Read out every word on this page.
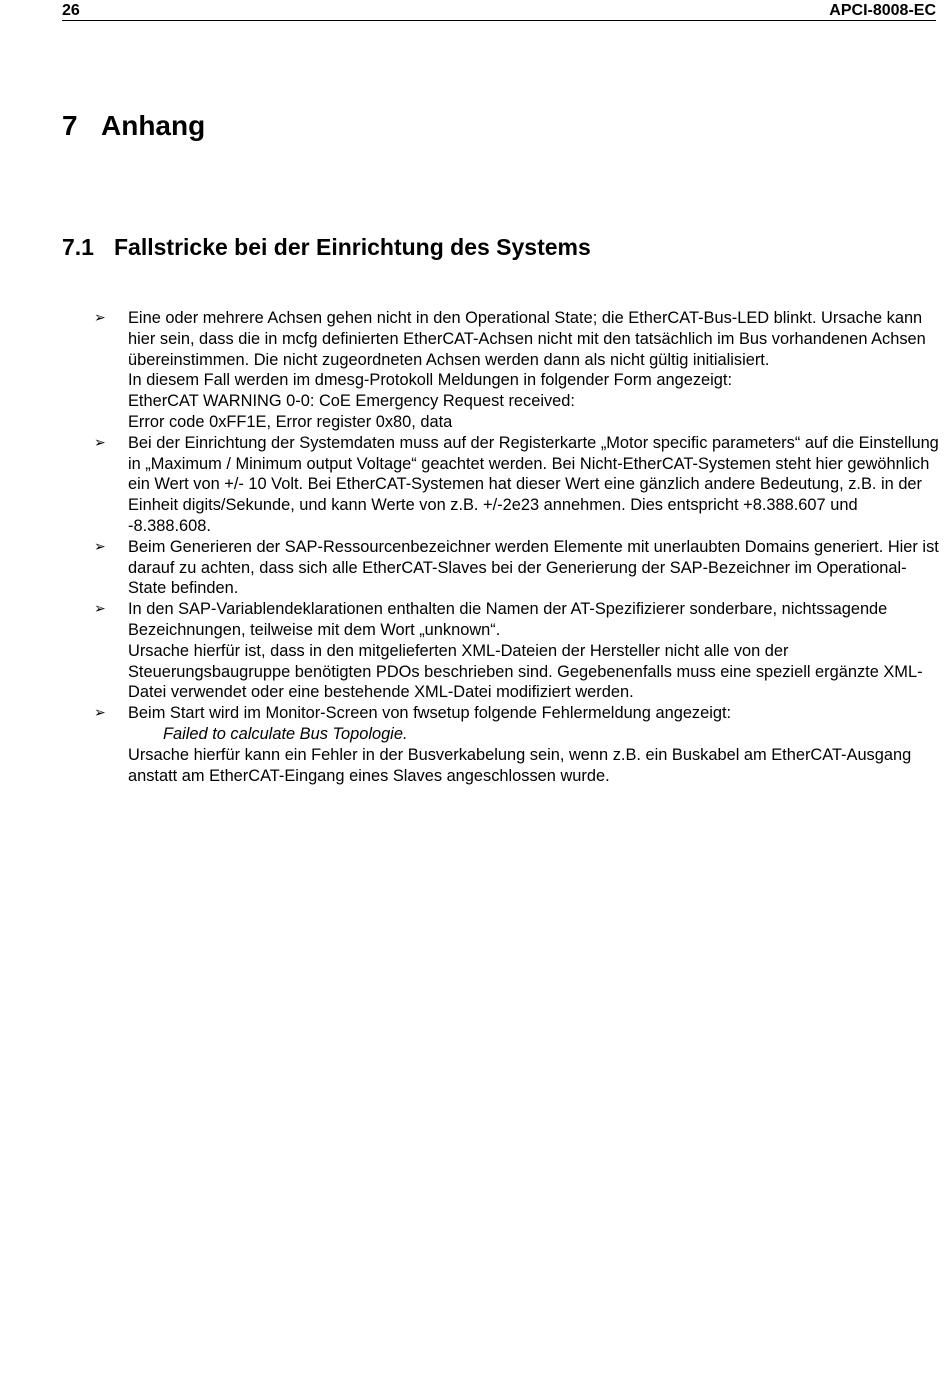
26	APCI-8008-EC
7 Anhang
7.1 Fallstricke bei der Einrichtung des Systems
➢	Eine oder mehrere Achsen gehen nicht in den Operational State; die EtherCAT-Bus-LED blinkt. Ursache kann hier sein, dass die in mcfg definierten EtherCAT-Achsen nicht mit den tatsächlich im Bus vorhandenen Achsen übereinstimmen. Die nicht zugeordneten Achsen werden dann als nicht gültig initialisiert.

In diesem Fall werden im dmesg-Protokoll Meldungen in folgender Form angezeigt:

EtherCAT WARNING 0-0: CoE Emergency Request received:

Error code 0xFF1E, Error register 0x80, data

➢	Bei der Einrichtung der Systemdaten muss auf der Registerkarte „Motor specific parameters“ auf die Einstellung in „Maximum / Minimum output Voltage“ geachtet werden. Bei Nicht-EtherCAT-Systemen steht hier gewöhnlich ein Wert von +/- 10 Volt. Bei EtherCAT-Systemen hat dieser Wert eine gänzlich andere Bedeutung, z.B. in der Einheit digits/Sekunde, und kann Werte von z.B. +/-2e23 annehmen. Dies entspricht +8.388.607 und -8.388.608.

➢	Beim Generieren der SAP-Ressourcenbezeichner werden Elemente mit unerlaubten Domains generiert. Hier ist darauf zu achten, dass sich alle EtherCAT-Slaves bei der Generierung der SAP-Bezeichner im Operational-State befinden.

➢	In den SAP-Variablendeklarationen enthalten die Namen der AT-Spezifizierer sonderbare, nichtssagende Bezeichnungen, teilweise mit dem Wort „unknown“.

Ursache hierfür ist, dass in den mitgelieferten XML-Dateien der Hersteller nicht alle von der Steuerungsbaugruppe benötigten PDOs beschrieben sind. Gegebenenfalls muss eine speziell ergänzte XML-Datei verwendet oder eine bestehende XML-Datei modifiziert werden.

➢	Beim Start wird im Monitor-Screen von fwsetup folgende Fehlermeldung angezeigt:

Failed to calculate Bus Topologie.

Ursache hierfür kann ein Fehler in der Busverkabelung sein, wenn z.B. ein Buskabel am EtherCAT-Ausgang anstatt am EtherCAT-Eingang eines Slaves angeschlossen wurde.
